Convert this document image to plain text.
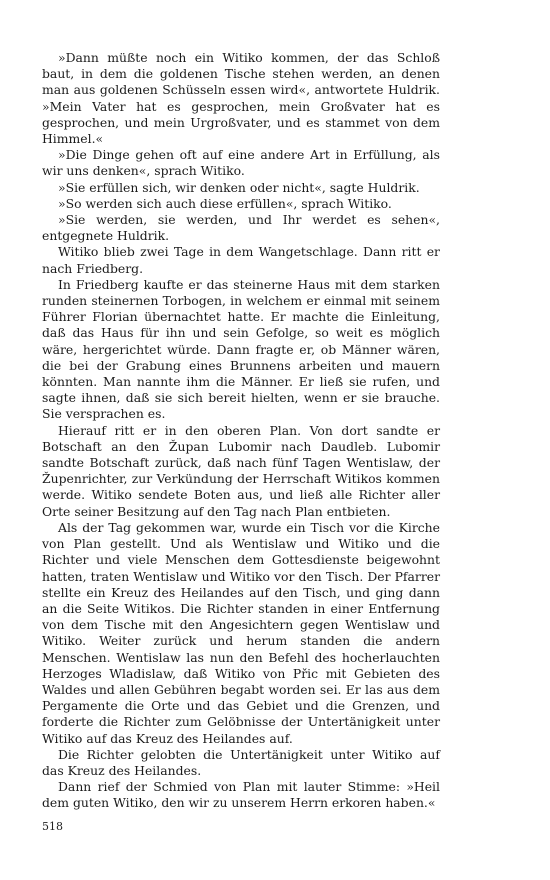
»Dann müßte noch ein Witiko kommen, der das Schloß baut, in dem die goldenen Tische stehen werden, an denen man aus goldenen Schüsseln essen wird«, antwortete Huldrik. »Mein Vater hat es gesprochen, mein Großvater hat es gesprochen, und mein Urgroßvater, und es stammet von dem Himmel.«

»Die Dinge gehen oft auf eine andere Art in Erfüllung, als wir uns denken«, sprach Witiko.

»Sie erfüllen sich, wir denken oder nicht«, sagte Huldrik.

»So werden sich auch diese erfüllen«, sprach Witiko.

»Sie werden, sie werden, und Ihr werdet es sehen«, entgegnete Huldrik.

Witiko blieb zwei Tage in dem Wangetschlage. Dann ritt er nach Friedberg.

In Friedberg kaufte er das steinerne Haus mit dem starken runden steinernen Torbogen, in welchem er einmal mit seinem Führer Florian übernachtet hatte. Er machte die Einleitung, daß das Haus für ihn und sein Gefolge, so weit es möglich wäre, hergerichtet würde. Dann fragte er, ob Männer wären, die bei der Grabung eines Brunnens arbeiten und mauern könnten. Man nannte ihm die Männer. Er ließ sie rufen, und sagte ihnen, daß sie sich bereit hielten, wenn er sie brauche. Sie versprachen es.

Hierauf ritt er in den oberen Plan. Von dort sandte er Botschaft an den Župan Lubomir nach Daudleb. Lubomir sandte Botschaft zurück, daß nach fünf Tagen Wentislaw, der Župenrichter, zur Verkündung der Herrschaft Witikos kommen werde. Witiko sendete Boten aus, und ließ alle Richter aller Orte seiner Besitzung auf den Tag nach Plan entbieten.

Als der Tag gekommen war, wurde ein Tisch vor die Kirche von Plan gestellt. Und als Wentislaw und Witiko und die Richter und viele Menschen dem Gottesdienste beigewohnt hatten, traten Wentislaw und Witiko vor den Tisch. Der Pfarrer stellte ein Kreuz des Heilandes auf den Tisch, und ging dann an die Seite Witikos. Die Richter standen in einer Entfernung von dem Tische mit den Angesichtern gegen Wentislaw und Witiko. Weiter zurück und herum standen die andern Menschen. Wentislaw las nun den Befehl des hocherlauchten Herzoges Wladislaw, daß Witiko von Přic mit Gebieten des Waldes und allen Gebühren begabt worden sei. Er las aus dem Pergamente die Orte und das Gebiet und die Grenzen, und forderte die Richter zum Gelöbnisse der Untertänigkeit unter Witiko auf das Kreuz des Heilandes auf.

Die Richter gelobten die Untertänigkeit unter Witiko auf das Kreuz des Heilandes.

Dann rief der Schmied von Plan mit lauter Stimme: »Heil dem guten Witiko, den wir zu unserem Herrn erkoren haben.«

518
